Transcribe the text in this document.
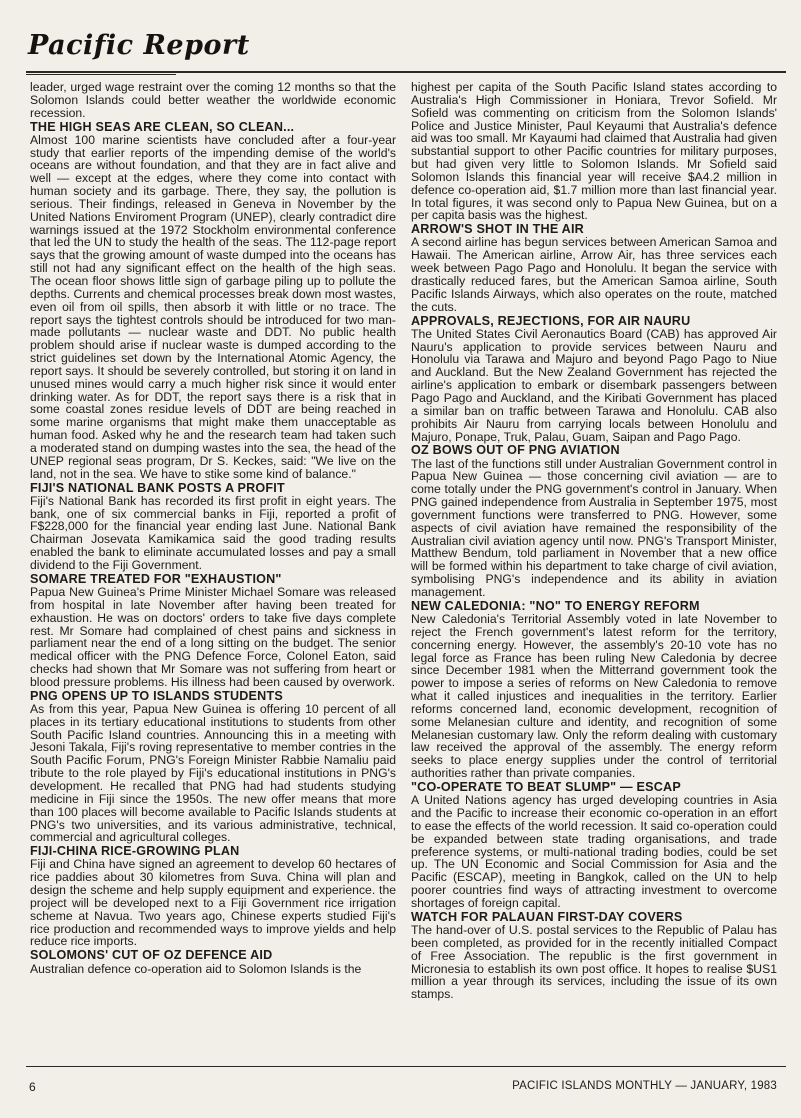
Pacific Report

leader, urged wage restraint over the coming 12 months so that the Solomon Islands could better weather the worldwide economic recession.

THE HIGH SEAS ARE CLEAN, SO CLEAN...

Almost 100 marine scientists have concluded after a four-year study that earlier reports of the impending demise of the world's oceans are without foundation, and that they are in fact alive and well — except at the edges, where they come into contact with human society and its garbage. There, they say, the pollution is serious. Their findings, released in Geneva in November by the United Nations Enviroment Program (UNEP), clearly contradict dire warnings issued at the 1972 Stockholm environmental conference that led the UN to study the health of the seas. The 112-page report says that the growing amount of waste dumped into the oceans has still not had any significant effect on the health of the high seas. The ocean floor shows little sign of garbage piling up to pollute the depths. Currents and chemical processes break down most wastes, even oil from oil spills, then absorb it with little or no trace. The report says the tightest controls should be introduced for two man-made pollutants — nuclear waste and DDT. No public health problem should arise if nuclear waste is dumped according to the strict guidelines set down by the International Atomic Agency, the report says. It should be severely controlled, but storing it on land in unused mines would carry a much higher risk since it would enter drinking water. As for DDT, the report says there is a risk that in some coastal zones residue levels of DDT are being reached in some marine organisms that might make them unacceptable as human food. Asked why he and the research team had taken such a moderated stand on dumping wastes into the sea, the head of the UNEP regional seas program, Dr S. Keckes, said: "We live on the land, not in the sea. We have to stike some kind of balance."

FIJI'S NATIONAL BANK POSTS A PROFIT

Fiji's National Bank has recorded its first profit in eight years. The bank, one of six commercial banks in Fiji, reported a profit of F$228,000 for the financial year ending last June. National Bank Chairman Josevata Kamikamica said the good trading results enabled the bank to eliminate accumulated losses and pay a small dividend to the Fiji Government.

SOMARE TREATED FOR "EXHAUSTION"

Papua New Guinea's Prime Minister Michael Somare was released from hospital in late November after having been treated for exhaustion. He was on doctors' orders to take five days complete rest. Mr Somare had complained of chest pains and sickness in parliament near the end of a long sitting on the budget. The senior medical officer with the PNG Defence Force, Colonel Eaton, said checks had shown that Mr Somare was not suffering from heart or blood pressure problems. His illness had been caused by overwork.

PNG OPENS UP TO ISLANDS STUDENTS

As from this year, Papua New Guinea is offering 10 percent of all places in its tertiary educational institutions to students from other South Pacific Island countries. Announcing this in a meeting with Jesoni Takala, Fiji's roving representative to member contries in the South Pacific Forum, PNG's Foreign Minister Rabbie Namaliu paid tribute to the role played by Fiji's educational institutions in PNG's development. He recalled that PNG had had students studying medicine in Fiji since the 1950s. The new offer means that more than 100 places will become available to Pacific Islands students at PNG's two universities, and its various administrative, technical, commercial and agricultural colleges.

FIJI-CHINA RICE-GROWING PLAN

Fiji and China have signed an agreement to develop 60 hectares of rice paddies about 30 kilometres from Suva. China will plan and design the scheme and help supply equipment and experience. the project will be developed next to a Fiji Government rice irrigation scheme at Navua. Two years ago, Chinese experts studied Fiji's rice production and recommended ways to improve yields and help reduce rice imports.

SOLOMONS' CUT OF OZ DEFENCE AID

Australian defence co-operation aid to Solomon Islands is the

highest per capita of the South Pacific Island states according to Australia's High Commissioner in Honiara, Trevor Sofield. Mr Sofield was commenting on criticism from the Solomon Islands' Police and Justice Minister, Paul Keyaumi that Australia's defence aid was too small. Mr Kayaumi had claimed that Australia had given substantial support to other Pacific countries for military purposes, but had given very little to Solomon Islands. Mr Sofield said Solomon Islands this financial year will receive $A4.2 million in defence co-operation aid, $1.7 million more than last financial year. In total figures, it was second only to Papua New Guinea, but on a per capita basis was the highest.

ARROW'S SHOT IN THE AIR

A second airline has begun services between American Samoa and Hawaii. The American airline, Arrow Air, has three services each week between Pago Pago and Honolulu. It began the service with drastically reduced fares, but the American Samoa airline, South Pacific Islands Airways, which also operates on the route, matched the cuts.

APPROVALS, REJECTIONS, FOR AIR NAURU

The United States Civil Aeronautics Board (CAB) has approved Air Nauru's application to provide services between Nauru and Honolulu via Tarawa and Majuro and beyond Pago Pago to Niue and Auckland. But the New Zealand Government has rejected the airline's application to embark or disembark passengers between Pago Pago and Auckland, and the Kiribati Government has placed a similar ban on traffic between Tarawa and Honolulu. CAB also prohibits Air Nauru from carrying locals between Honolulu and Majuro, Ponape, Truk, Palau, Guam, Saipan and Pago Pago.

OZ BOWS OUT OF PNG AVIATION

The last of the functions still under Australian Government control in Papua New Guinea — those concerning civil aviation — are to come totally under the PNG government's control in January. When PNG gained independence from Australia in September 1975, most government functions were transferred to PNG. However, some aspects of civil aviation have remained the responsibility of the Australian civil aviation agency until now. PNG's Transport Minister, Matthew Bendum, told parliament in November that a new office will be formed within his department to take charge of civil aviation, symbolising PNG's independence and its ability in aviation management.

NEW CALEDONIA: "NO" TO ENERGY REFORM

New Caledonia's Territorial Assembly voted in late November to reject the French government's latest reform for the territory, concerning energy. However, the assembly's 20-10 vote has no legal force as France has been ruling New Caledonia by decree since December 1981 when the Mitterrand government took the power to impose a series of reforms on New Caledonia to remove what it called injustices and inequalities in the territory. Earlier reforms concerned land, economic development, recognition of some Melanesian culture and identity, and recognition of some Melanesian customary law. Only the reform dealing with customary law received the approval of the assembly. The energy reform seeks to place energy supplies under the control of territorial authorities rather than private companies.

"CO-OPERATE TO BEAT SLUMP" — ESCAP

A United Nations agency has urged developing countries in Asia and the Pacific to increase their economic co-operation in an effort to ease the effects of the world recession. It said co-operation could be expanded between state trading organisations, and trade preference systems, or multi-national trading bodies, could be set up. The UN Economic and Social Commission for Asia and the Pacific (ESCAP), meeting in Bangkok, called on the UN to help poorer countries find ways of attracting investment to overcome shortages of foreign capital.

WATCH FOR PALAUAN FIRST-DAY COVERS

The hand-over of U.S. postal services to the Republic of Palau has been completed, as provided for in the recently initialled Compact of Free Association. The republic is the first government in Micronesia to establish its own post office. It hopes to realise $US1 million a year through its services, including the issue of its own stamps.

6	PACIFIC ISLANDS MONTHLY — JANUARY, 1983
